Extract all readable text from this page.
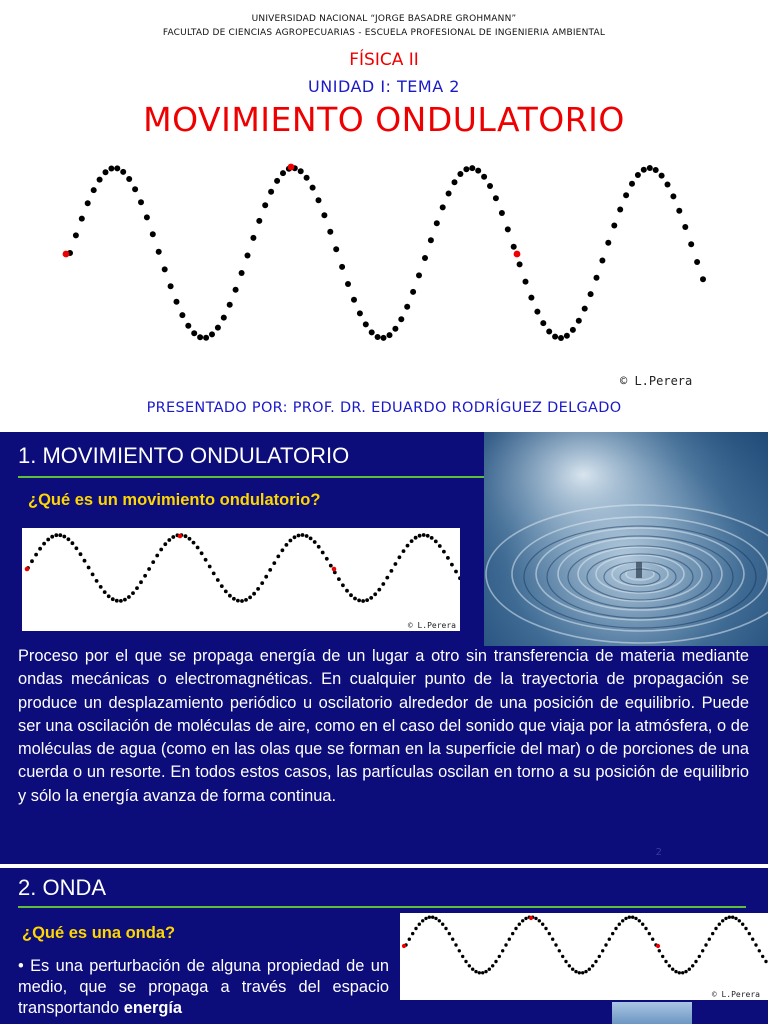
UNIVERSIDAD NACIONAL “JORGE BASADRE GROHMANN”
FACULTAD DE CIENCIAS AGROPECUARIAS - ESCUELA PROFESIONAL DE INGENIERIA AMBIENTAL
FÍSICA II
UNIDAD I: TEMA 2
MOVIMIENTO ONDULATORIO
© L.Perera
PRESENTADO POR: PROF. DR. EDUARDO RODRÍGUEZ DELGADO
1. MOVIMIENTO ONDULATORIO
¿Qué es un movimiento ondulatorio?
© L.Perera
Proceso por el que se propaga energía de un lugar a otro sin transferencia de materia mediante ondas mecánicas o electromagnéticas. En cualquier punto de la trayectoria de propagación se produce un desplazamiento periódico u oscilatorio alrededor de una posición de equilibrio. Puede ser una oscilación de moléculas de aire, como en el caso del sonido que viaja por la atmósfera, o de moléculas de agua (como en las olas que se forman en la superficie del mar) o de porciones de una cuerda o un resorte. En todos estos casos, las partículas oscilan en torno a su posición de equilibrio y sólo la energía avanza de forma continua.
2
2. ONDA
¿Qué es una onda?
© L.Perera
• Es una perturbación de alguna propiedad de un medio, que se propaga a través del espacio transportando energía
